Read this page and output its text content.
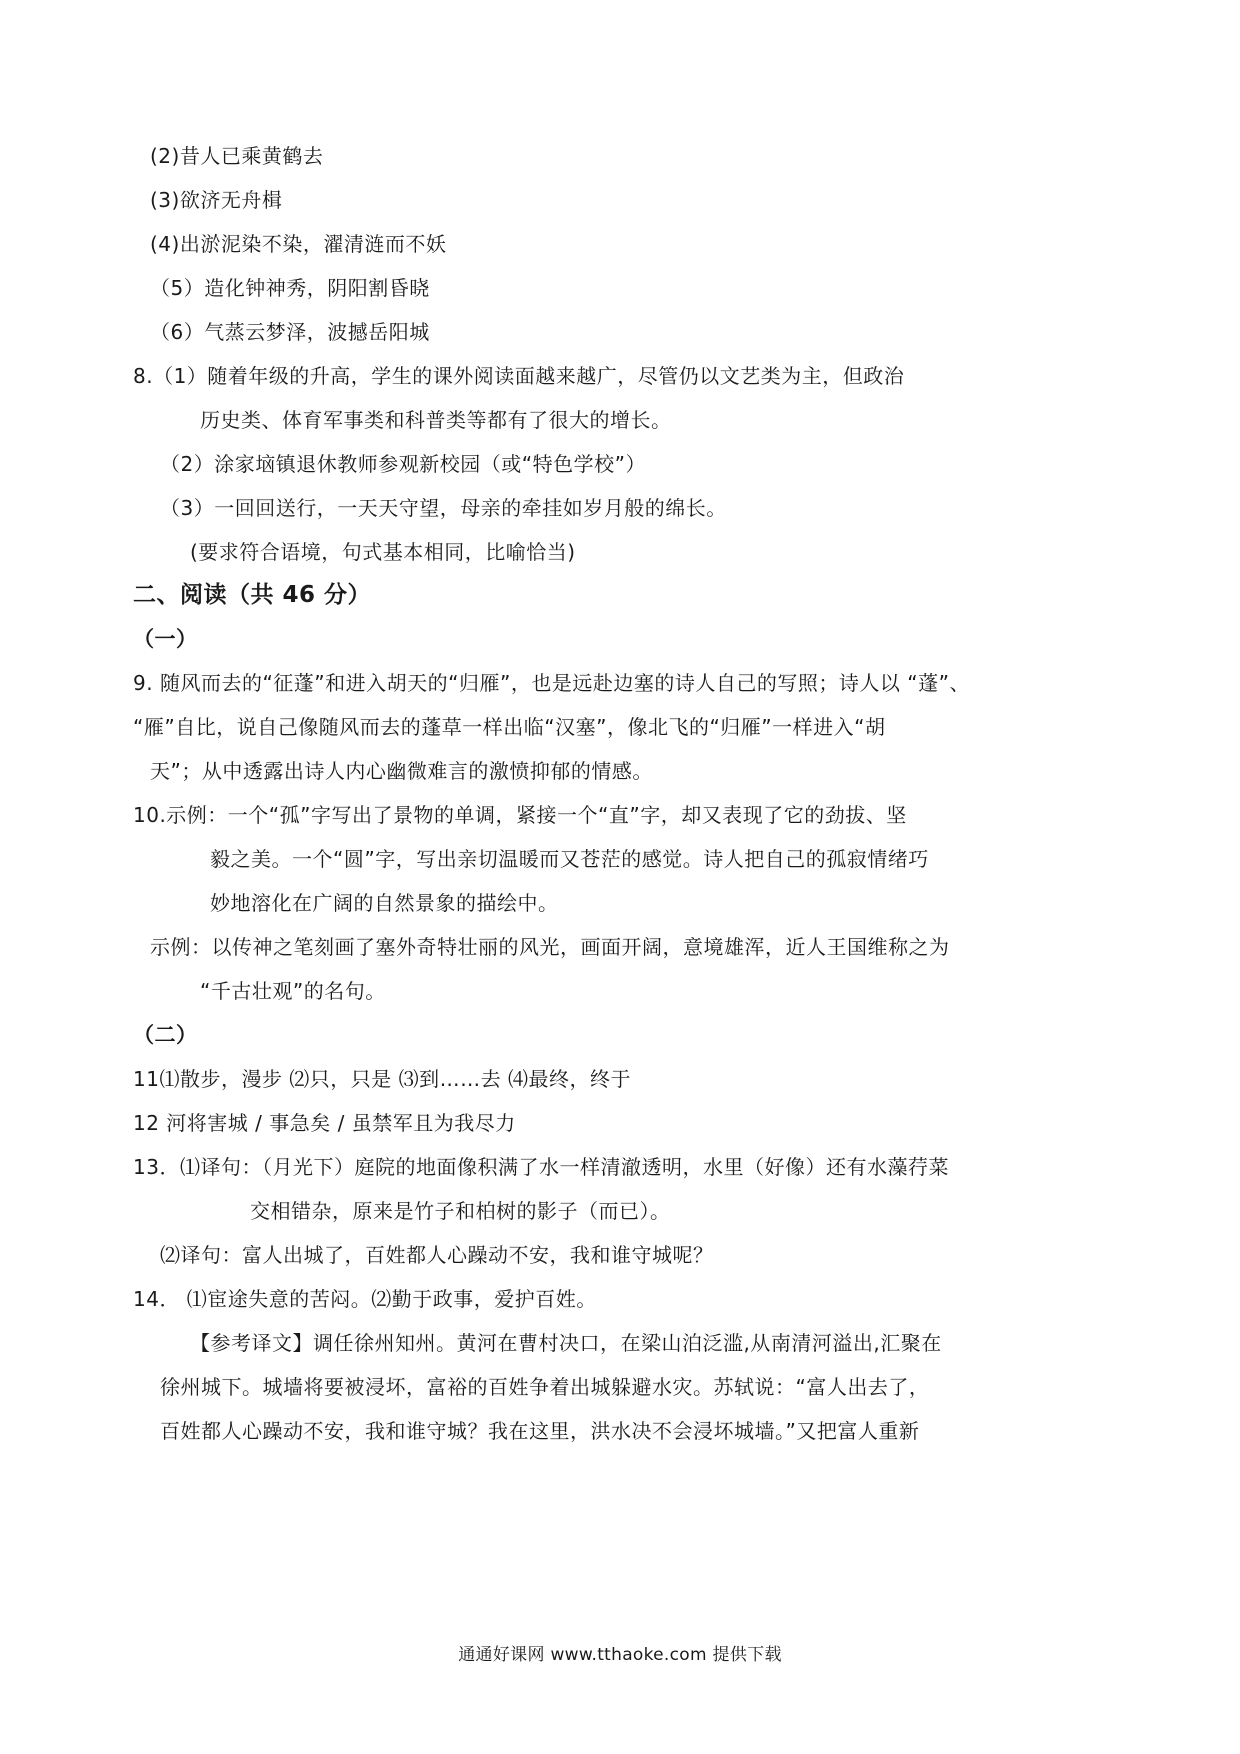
(2)昔人已乘黄鹤去
(3)欲济无舟楫
(4)出淤泥染不染，濯清涟而不妖
（5）造化钟神秀，阴阳割昏晓
（6）气蒸云梦泽，波撼岳阳城
8.（1）随着年级的升高，学生的课外阅读面越来越广，尽管仍以文艺类为主，但政治
历史类、体育军事类和科普类等都有了很大的增长。
（2）涂家垴镇退休教师参观新校园（或“特色学校”）
（3）一回回送行，一天天守望，母亲的牵挂如岁月般的绵长。
(要求符合语境，句式基本相同，比喻恰当)
二、阅读（共 46 分）
（一）
9. 随风而去的“征蓬”和进入胡天的“归雁”，也是远赴边塞的诗人自己的写照；诗人以 “蓬”、
“雁”自比，说自己像随风而去的蓬草一样出临“汉塞”，像北飞的“归雁”一样进入“胡
天”；从中透露出诗人内心幽微难言的激愤抑郁的情感。
10.示例：一个“孤”字写出了景物的单调，紧接一个“直”字，却又表现了它的劲拔、坚
毅之美。一个“圆”字，写出亲切温暖而又苍茫的感觉。诗人把自己的孤寂情绪巧
妙地溶化在广阔的自然景象的描绘中。
示例：以传神之笔刻画了塞外奇特壮丽的风光，画面开阔，意境雄浑，近人王国维称之为
“千古壮观”的名句。
（二）
11⑴散步，漫步 ⑵只，只是 ⑶到……去 ⑷最终，终于
12 河将害城 / 事急矣 / 虽禁军且为我尽力
13．⑴译句：（月光下）庭院的地面像积满了水一样清澈透明，水里（好像）还有水藻荇菜
交相错杂，原来是竹子和柏树的影子（而已）。
⑵译句：富人出城了，百姓都人心躁动不安，我和谁守城呢？
14． ⑴宦途失意的苦闷。⑵勤于政事，爱护百姓。
【参考译文】调任徐州知州。黄河在曹村决口，在梁山泊泛滥,从南清河溢出,汇聚在
徐州城下。城墙将要被浸坏，富裕的百姓争着出城躲避水灾。苏轼说：“富人出去了，
百姓都人心躁动不安，我和谁守城？我在这里，洪水决不会浸坏城墙。”又把富人重新
通通好课网 www.tthaoke.com 提供下载
